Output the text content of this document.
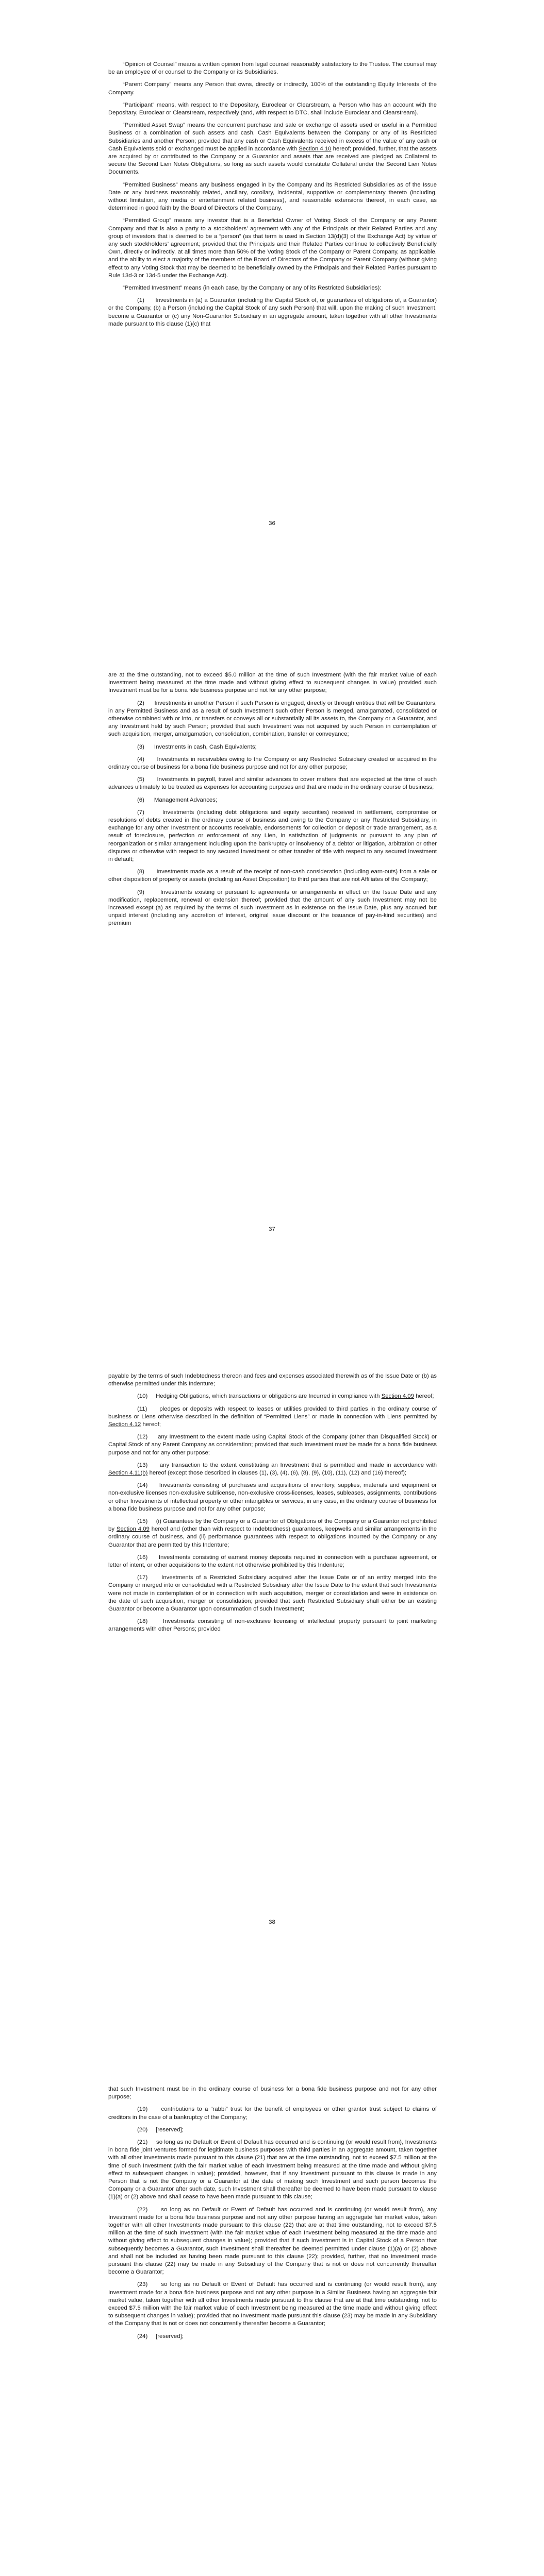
“Opinion of Counsel” means a written opinion from legal counsel reasonably satisfactory to the Trustee. The counsel may be an employee of or counsel to the Company or its Subsidiaries.

“Parent Company” means any Person that owns, directly or indirectly, 100% of the outstanding Equity Interests of the Company.

“Participant” means, with respect to the Depositary, Euroclear or Clearstream, a Person who has an account with the Depositary, Euroclear or Clearstream, respectively (and, with respect to DTC, shall include Euroclear and Clearstream).

“Permitted Asset Swap” means the concurrent purchase and sale or exchange of assets used or useful in a Permitted Business or a combination of such assets and cash, Cash Equivalents between the Company or any of its Restricted Subsidiaries and another Person; provided that any cash or Cash Equivalents received in excess of the value of any cash or Cash Equivalents sold or exchanged must be applied in accordance with Section 4.10 hereof; provided, further, that the assets are acquired by or contributed to the Company or a Guarantor and assets that are received are pledged as Collateral to secure the Second Lien Notes Obligations, so long as such assets would constitute Collateral under the Second Lien Notes Documents.

“Permitted Business” means any business engaged in by the Company and its Restricted Subsidiaries as of the Issue Date or any business reasonably related, ancillary, corollary, incidental, supportive or complementary thereto (including, without limitation, any media or entertainment related business), and reasonable extensions thereof, in each case, as determined in good faith by the Board of Directors of the Company.

“Permitted Group” means any investor that is a Beneficial Owner of Voting Stock of the Company or any Parent Company and that is also a party to a stockholders’ agreement with any of the Principals or their Related Parties and any group of investors that is deemed to be a “person” (as that term is used in Section 13(d)(3) of the Exchange Act) by virtue of any such stockholders’ agreement; provided that the Principals and their Related Parties continue to collectively Beneficially Own, directly or indirectly, at all times more than 50% of the Voting Stock of the Company or Parent Company, as applicable, and the ability to elect a majority of the members of the Board of Directors of the Company or Parent Company (without giving effect to any Voting Stock that may be deemed to be beneficially owned by the Principals and their Related Parties pursuant to Rule 13d-3 or 13d-5 under the Exchange Act).

“Permitted Investment” means (in each case, by the Company or any of its Restricted Subsidiaries):

(1)      Investments in (a) a Guarantor (including the Capital Stock of, or guarantees of obligations of, a Guarantor) or the Company, (b) a Person (including the Capital Stock of any such Person) that will, upon the making of such Investment, become a Guarantor or (c) any Non-Guarantor Subsidiary in an aggregate amount, taken together with all other Investments made pursuant to this clause (1)(c) that

36

are at the time outstanding, not to exceed $5.0 million at the time of such Investment (with the fair market value of each Investment being measured at the time made and without giving effect to subsequent changes in value) provided such Investment must be for a bona fide business purpose and not for any other purpose;

(2)      Investments in another Person if such Person is engaged, directly or through entities that will be Guarantors, in any Permitted Business and as a result of such Investment such other Person is merged, amalgamated, consolidated or otherwise combined with or into, or transfers or conveys all or substantially all its assets to, the Company or a Guarantor, and any Investment held by such Person; provided that such Investment was not acquired by such Person in contemplation of such acquisition, merger, amalgamation, consolidation, combination, transfer or conveyance;

(3)      Investments in cash, Cash Equivalents;

(4)      Investments in receivables owing to the Company or any Restricted Subsidiary created or acquired in the ordinary course of business for a bona fide business purpose and not for any other purpose;

(5)      Investments in payroll, travel and similar advances to cover matters that are expected at the time of such advances ultimately to be treated as expenses for accounting purposes and that are made in the ordinary course of business;

(6)      Management Advances;

(7)      Investments (including debt obligations and equity securities) received in settlement, compromise or resolutions of debts created in the ordinary course of business and owing to the Company or any Restricted Subsidiary, in exchange for any other Investment or accounts receivable, endorsements for collection or deposit or trade arrangement, as a result of foreclosure, perfection or enforcement of any Lien, in satisfaction of judgments or pursuant to any plan of reorganization or similar arrangement including upon the bankruptcy or insolvency of a debtor or litigation, arbitration or other disputes or otherwise with respect to any secured Investment or other transfer of title with respect to any secured Investment in default;

(8)      Investments made as a result of the receipt of non-cash consideration (including earn-outs) from a sale or other disposition of property or assets (including an Asset Disposition) to third parties that are not Affiliates of the Company;

(9)      Investments existing or pursuant to agreements or arrangements in effect on the Issue Date and any modification, replacement, renewal or extension thereof; provided that the amount of any such Investment may not be increased except (a) as required by the terms of such Investment as in existence on the Issue Date, plus any accrued but unpaid interest (including any accretion of interest, original issue discount or the issuance of pay-in-kind securities) and premium

37

payable by the terms of such Indebtedness thereon and fees and expenses associated therewith as of the Issue Date or (b) as otherwise permitted under this Indenture;

(10)     Hedging Obligations, which transactions or obligations are Incurred in compliance with Section 4.09 hereof;

(11)     pledges or deposits with respect to leases or utilities provided to third parties in the ordinary course of business or Liens otherwise described in the definition of “Permitted Liens” or made in connection with Liens permitted by Section 4.12 hereof;

(12)     any Investment to the extent made using Capital Stock of the Company (other than Disqualified Stock) or Capital Stock of any Parent Company as consideration; provided that such Investment must be made for a bona fide business purpose and not for any other purpose;

(13)     any transaction to the extent constituting an Investment that is permitted and made in accordance with Section 4.11(b) hereof (except those described in clauses (1), (3), (4), (6), (8), (9), (10), (11), (12) and (16) thereof);

(14)     Investments consisting of purchases and acquisitions of inventory, supplies, materials and equipment or non-exclusive licenses non-exclusive sublicense, non-exclusive cross-licenses, leases, subleases, assignments, contributions or other Investments of intellectual property or other intangibles or services, in any case, in the ordinary course of business for a bona fide business purpose and not for any other purpose;

(15)     (i) Guarantees by the Company or a Guarantor of Obligations of the Company or a Guarantor not prohibited by Section 4.09 hereof and (other than with respect to Indebtedness) guarantees, keepwells and similar arrangements in the ordinary course of business, and (ii) performance guarantees with respect to obligations Incurred by the Company or any Guarantor that are permitted by this Indenture;

(16)     Investments consisting of earnest money deposits required in connection with a purchase agreement, or letter of intent, or other acquisitions to the extent not otherwise prohibited by this Indenture;

(17)     Investments of a Restricted Subsidiary acquired after the Issue Date or of an entity merged into the Company or merged into or consolidated with a Restricted Subsidiary after the Issue Date to the extent that such Investments were not made in contemplation of or in connection with such acquisition, merger or consolidation and were in existence on the date of such acquisition, merger or consolidation; provided that such Restricted Subsidiary shall either be an existing Guarantor or become a Guarantor upon consummation of such Investment;

(18)     Investments consisting of non-exclusive licensing of intellectual property pursuant to joint marketing arrangements with other Persons; provided

38

that such Investment must be in the ordinary course of business for a bona fide business purpose and not for any other purpose;

(19)     contributions to a “rabbi” trust for the benefit of employees or other grantor trust subject to claims of creditors in the case of a bankruptcy of the Company;

(20)     [reserved];

(21)     so long as no Default or Event of Default has occurred and is continuing (or would result from), Investments in bona fide joint ventures formed for legitimate business purposes with third parties in an aggregate amount, taken together with all other Investments made pursuant to this clause (21) that are at the time outstanding, not to exceed $7.5 million at the time of such Investment (with the fair market value of each Investment being measured at the time made and without giving effect to subsequent changes in value); provided, however, that if any Investment pursuant to this clause is made in any Person that is not the Company or a Guarantor at the date of making such Investment and such person becomes the Company or a Guarantor after such date, such Investment shall thereafter be deemed to have been made pursuant to clause (1)(a) or (2) above and shall cease to have been made pursuant to this clause;

(22)     so long as no Default or Event of Default has occurred and is continuing (or would result from), any Investment made for a bona fide business purpose and not any other purpose having an aggregate fair market value, taken together with all other Investments made pursuant to this clause (22) that are at that time outstanding, not to exceed $7.5 million at the time of such Investment (with the fair market value of each Investment being measured at the time made and without giving effect to subsequent changes in value); provided that if such Investment is in Capital Stock of a Person that subsequently becomes a Guarantor, such Investment shall thereafter be deemed permitted under clause (1)(a) or (2) above and shall not be included as having been made pursuant to this clause (22); provided, further, that no Investment made pursuant this clause (22) may be made in any Subsidiary of the Company that is not or does not concurrently thereafter become a Guarantor;

(23)     so long as no Default or Event of Default has occurred and is continuing (or would result from), any Investment made for a bona fide business purpose and not any other purpose in a Similar Business having an aggregate fair market value, taken together with all other Investments made pursuant to this clause that are at that time outstanding, not to exceed $7.5 million with the fair market value of each Investment being measured at the time made and without giving effect to subsequent changes in value); provided that no Investment made pursuant this clause (23) may be made in any Subsidiary of the Company that is not or does not concurrently thereafter become a Guarantor;

(24)     [reserved];
